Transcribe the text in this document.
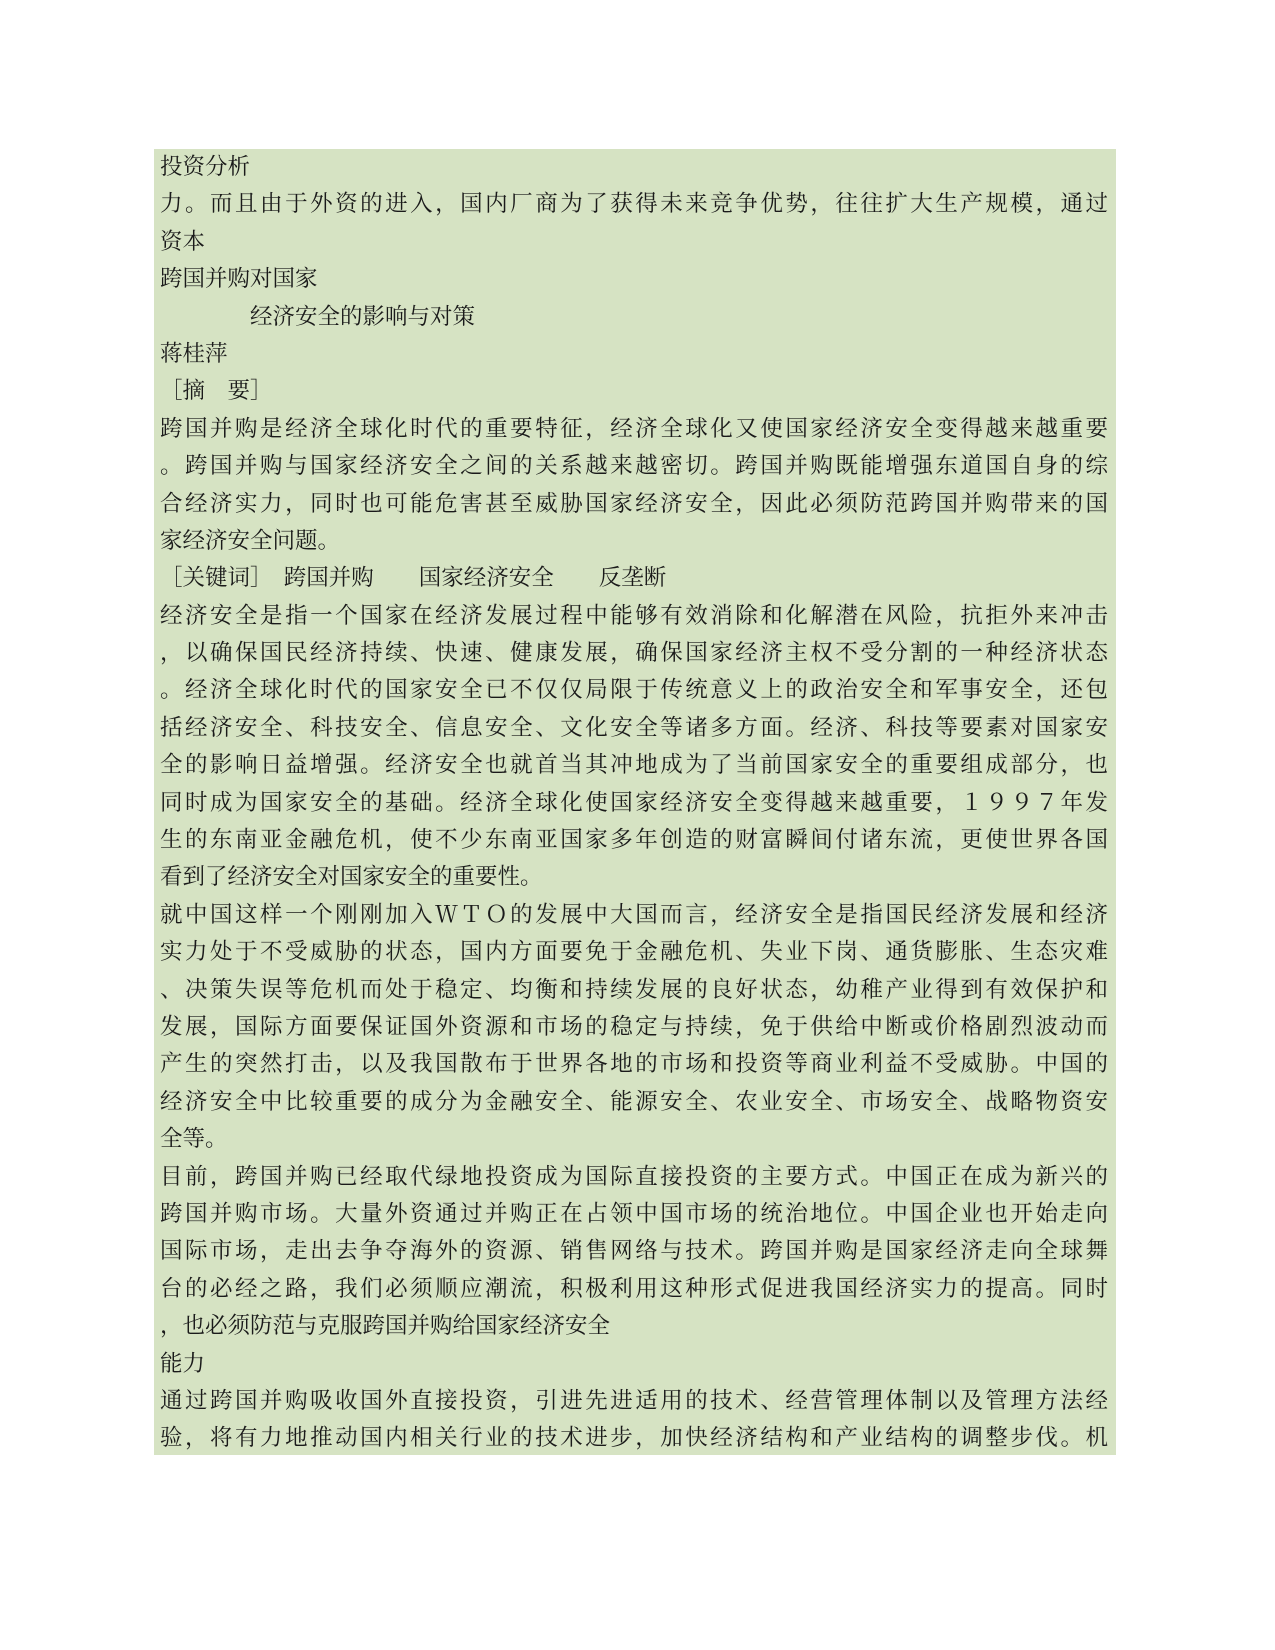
投资分析
力。而且由于外资的进入，国内厂商为了获得未来竞争优势，往往扩大生产规模，通过
资本
跨国并购对国家
　　　　经济安全的影响与对策
蒋桂萍
［摘　要］
跨国并购是经济全球化时代的重要特征，经济全球化又使国家经济安全变得越来越重要
。跨国并购与国家经济安全之间的关系越来越密切。跨国并购既能增强东道国自身的综
合经济实力，同时也可能危害甚至威胁国家经济安全，因此必须防范跨国并购带来的国
家经济安全问题。
［关键词］　跨国并购　　国家经济安全　　反垄断
经济安全是指一个国家在经济发展过程中能够有效消除和化解潜在风险，抗拒外来冲击
，以确保国民经济持续、快速、健康发展，确保国家经济主权不受分割的一种经济状态
。经济全球化时代的国家安全已不仅仅局限于传统意义上的政治安全和军事安全，还包
括经济安全、科技安全、信息安全、文化安全等诸多方面。经济、科技等要素对国家安
全的影响日益增强。经济安全也就首当其冲地成为了当前国家安全的重要组成部分，也
同时成为国家安全的基础。经济全球化使国家经济安全变得越来越重要，１９９７年发
生的东南亚金融危机，使不少东南亚国家多年创造的财富瞬间付诸东流，更使世界各国
看到了经济安全对国家安全的重要性。
就中国这样一个刚刚加入ＷＴＯ的发展中大国而言，经济安全是指国民经济发展和经济
实力处于不受威胁的状态，国内方面要免于金融危机、失业下岗、通货膨胀、生态灾难
、决策失误等危机而处于稳定、均衡和持续发展的良好状态，幼稚产业得到有效保护和
发展，国际方面要保证国外资源和市场的稳定与持续，免于供给中断或价格剧烈波动而
产生的突然打击，以及我国散布于世界各地的市场和投资等商业利益不受威胁。中国的
经济安全中比较重要的成分为金融安全、能源安全、农业安全、市场安全、战略物资安
全等。
目前，跨国并购已经取代绿地投资成为国际直接投资的主要方式。中国正在成为新兴的
跨国并购市场。大量外资通过并购正在占领中国市场的统治地位。中国企业也开始走向
国际市场，走出去争夺海外的资源、销售网络与技术。跨国并购是国家经济走向全球舞
台的必经之路，我们必须顺应潮流，积极利用这种形式促进我国经济实力的提高。同时
，也必须防范与克服跨国并购给国家经济安全
能力
通过跨国并购吸收国外直接投资，引进先进适用的技术、经营管理体制以及管理方法经
验，将有力地推动国内相关行业的技术进步，加快经济结构和产业结构的调整步伐。机
